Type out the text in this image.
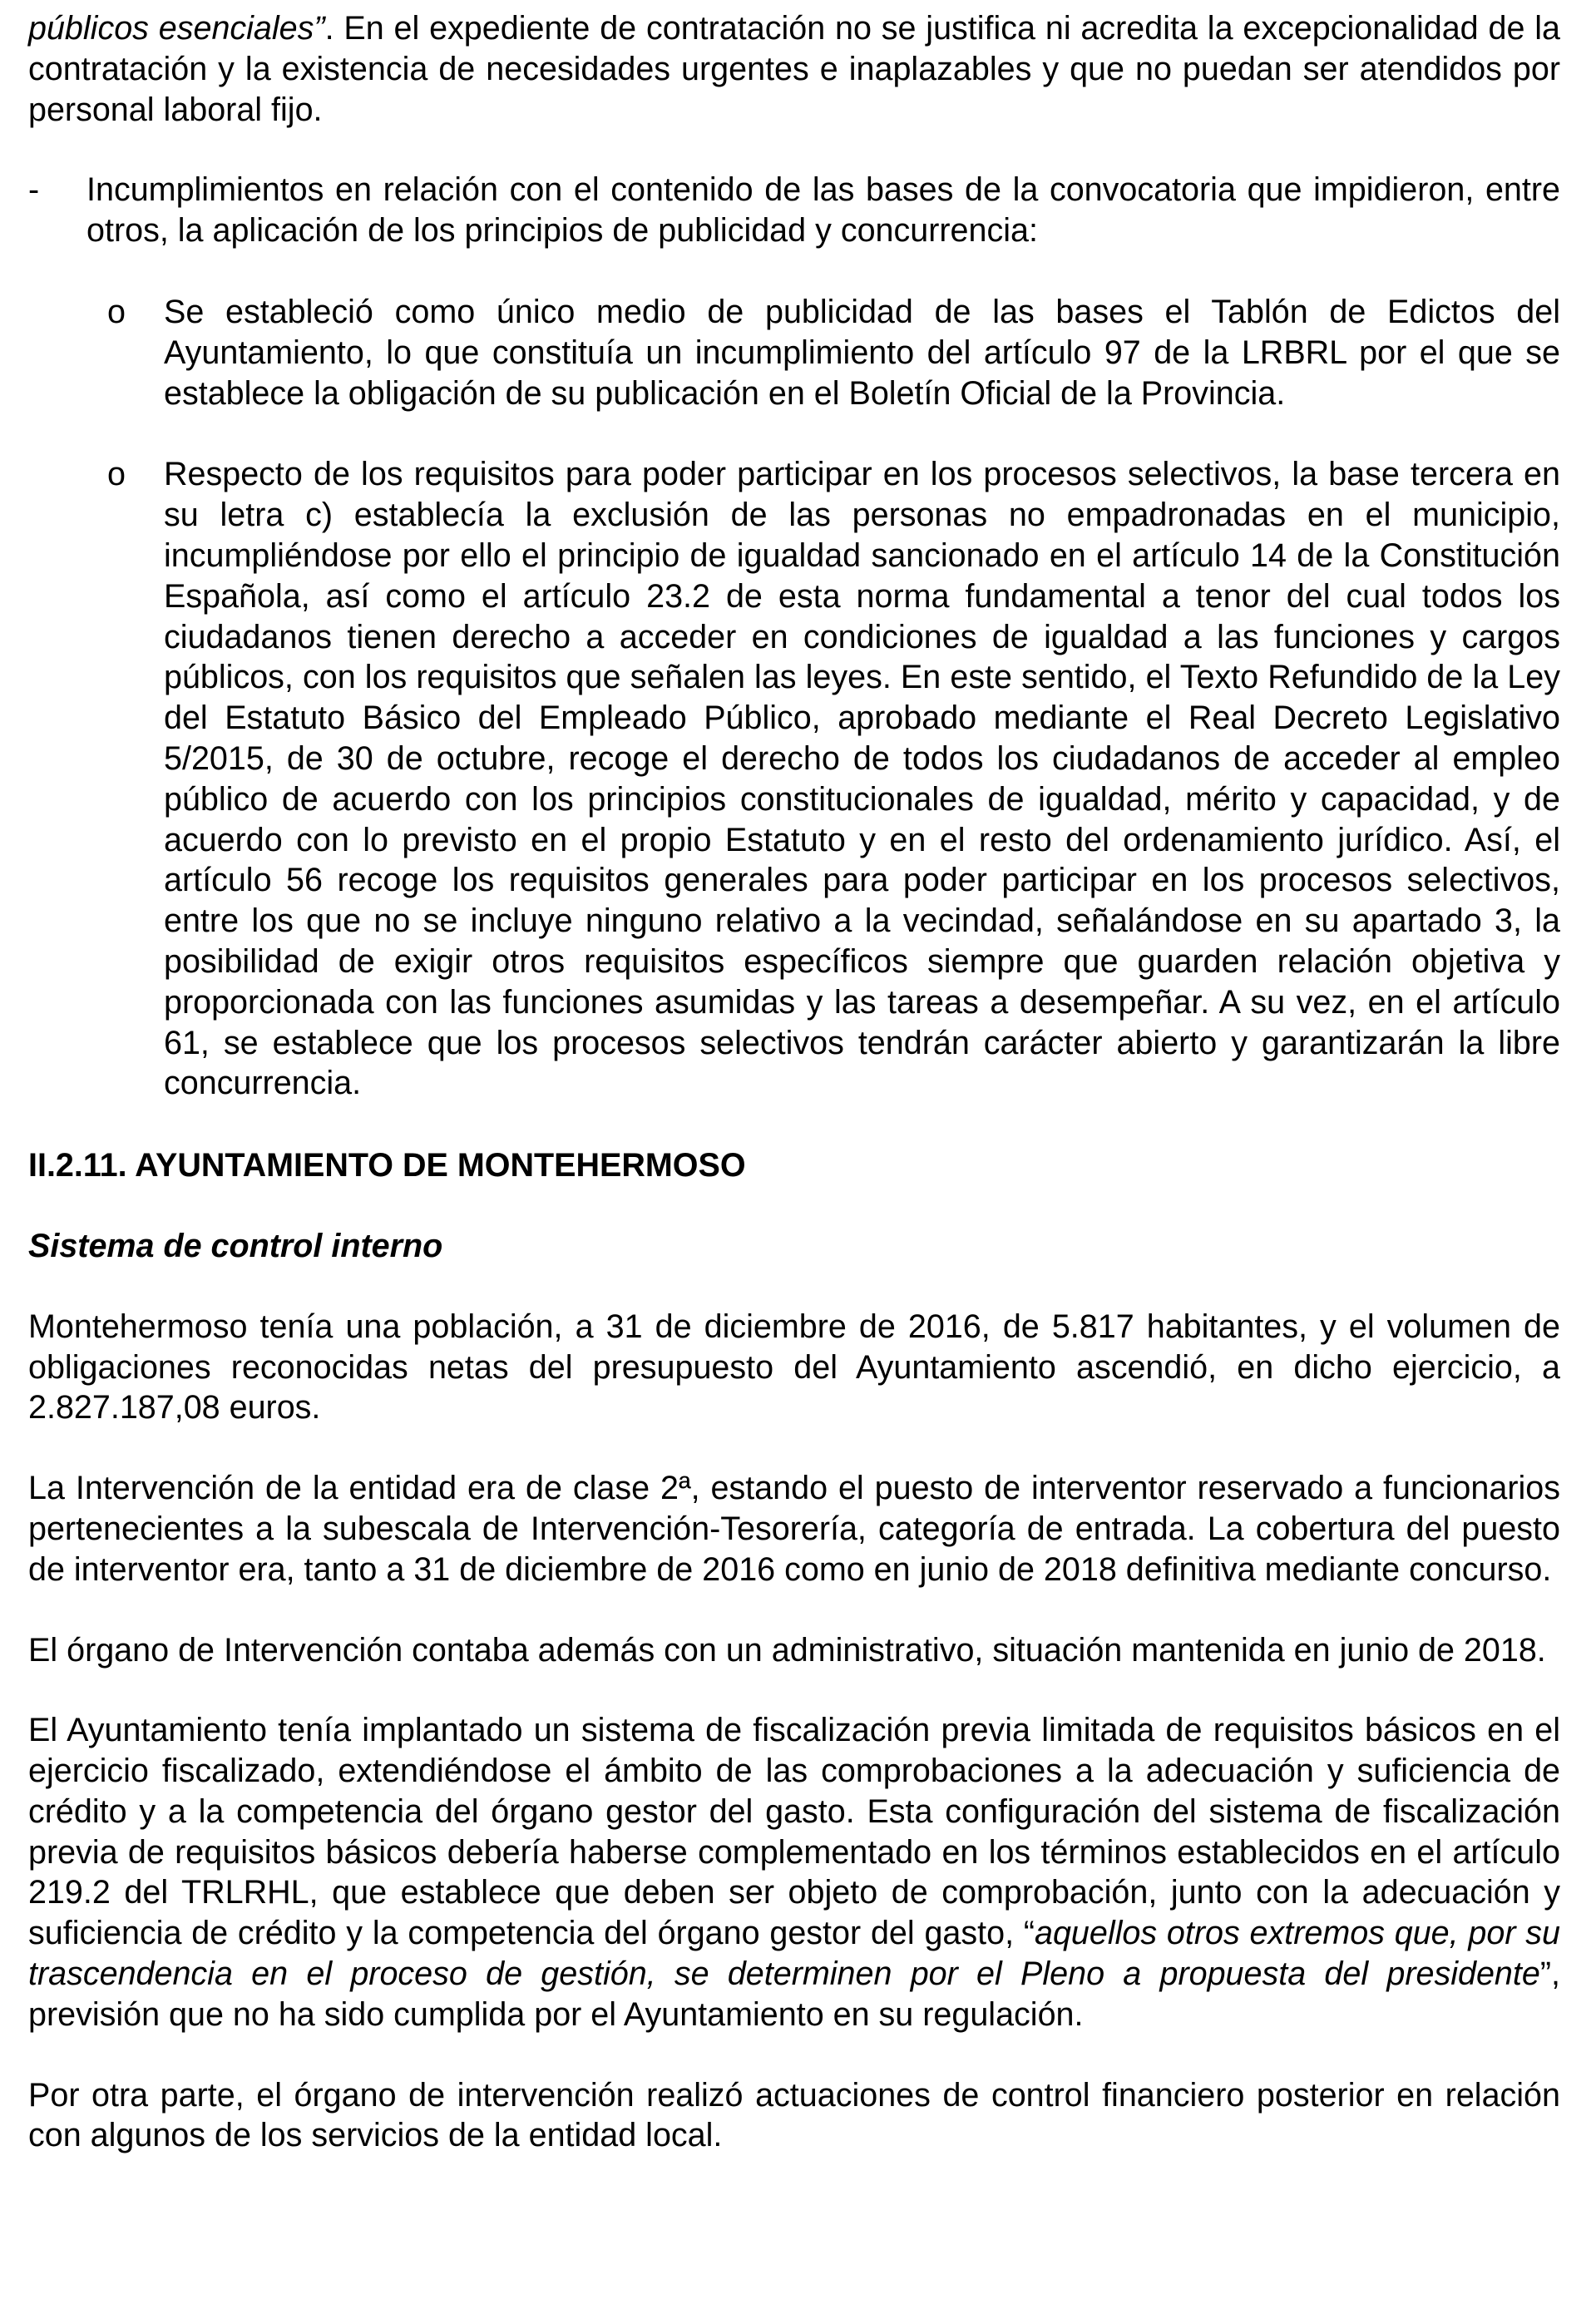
públicos esenciales”. En el expediente de contratación no se justifica ni acredita la excepcionalidad de la contratación y la existencia de necesidades urgentes e inaplazables y que no puedan ser atendidos por personal laboral fijo.

- Incumplimientos en relación con el contenido de las bases de la convocatoria que impidieron, entre otros, la aplicación de los principios de publicidad y concurrencia:
o Se estableció como único medio de publicidad de las bases el Tablón de Edictos del Ayuntamiento, lo que constituía un incumplimiento del artículo 97 de la LRBRL por el que se establece la obligación de su publicación en el Boletín Oficial de la Provincia.
o Respecto de los requisitos para poder participar en los procesos selectivos, la base tercera en su letra c) establecía la exclusión de las personas no empadronadas en el municipio, incumpliéndose por ello el principio de igualdad sancionado en el artículo 14 de la Constitución Española, así como el artículo 23.2 de esta norma fundamental a tenor del cual todos los ciudadanos tienen derecho a acceder en condiciones de igualdad a las funciones y cargos públicos, con los requisitos que señalen las leyes. En este sentido, el Texto Refundido de la Ley del Estatuto Básico del Empleado Público, aprobado mediante el Real Decreto Legislativo 5/2015, de 30 de octubre, recoge el derecho de todos los ciudadanos de acceder al empleo público de acuerdo con los principios constitucionales de igualdad, mérito y capacidad, y de acuerdo con lo previsto en el propio Estatuto y en el resto del ordenamiento jurídico. Así, el artículo 56 recoge los requisitos generales para poder participar en los procesos selectivos, entre los que no se incluye ninguno relativo a la vecindad, señalándose en su apartado 3, la posibilidad de exigir otros requisitos específicos siempre que guarden relación objetiva y proporcionada con las funciones asumidas y las tareas a desempeñar. A su vez, en el artículo 61, se establece que los procesos selectivos tendrán carácter abierto y garantizarán la libre concurrencia.
II.2.11. AYUNTAMIENTO DE MONTEHERMOSO
Sistema de control interno

Montehermoso tenía una población, a 31 de diciembre de 2016, de 5.817 habitantes, y el volumen de obligaciones reconocidas netas del presupuesto del Ayuntamiento ascendió, en dicho ejercicio, a 2.827.187,08 euros.

La Intervención de la entidad era de clase 2ª, estando el puesto de interventor reservado a funcionarios pertenecientes a la subescala de Intervención-Tesorería, categoría de entrada. La cobertura del puesto de interventor era, tanto a 31 de diciembre de 2016 como en junio de 2018 definitiva mediante concurso.

El órgano de Intervención contaba además con un administrativo, situación mantenida en junio de 2018.

El Ayuntamiento tenía implantado un sistema de fiscalización previa limitada de requisitos básicos en el ejercicio fiscalizado, extendiéndose el ámbito de las comprobaciones a la adecuación y suficiencia de crédito y a la competencia del órgano gestor del gasto. Esta configuración del sistema de fiscalización previa de requisitos básicos debería haberse complementado en los términos establecidos en el artículo 219.2 del TRLRHL, que establece que deben ser objeto de comprobación, junto con la adecuación y suficiencia de crédito y la competencia del órgano gestor del gasto, “aquellos otros extremos que, por su trascendencia en el proceso de gestión, se determinen por el Pleno a propuesta del presidente”, previsión que no ha sido cumplida por el Ayuntamiento en su regulación.

Por otra parte, el órgano de intervención realizó actuaciones de control financiero posterior en relación con algunos de los servicios de la entidad local.
